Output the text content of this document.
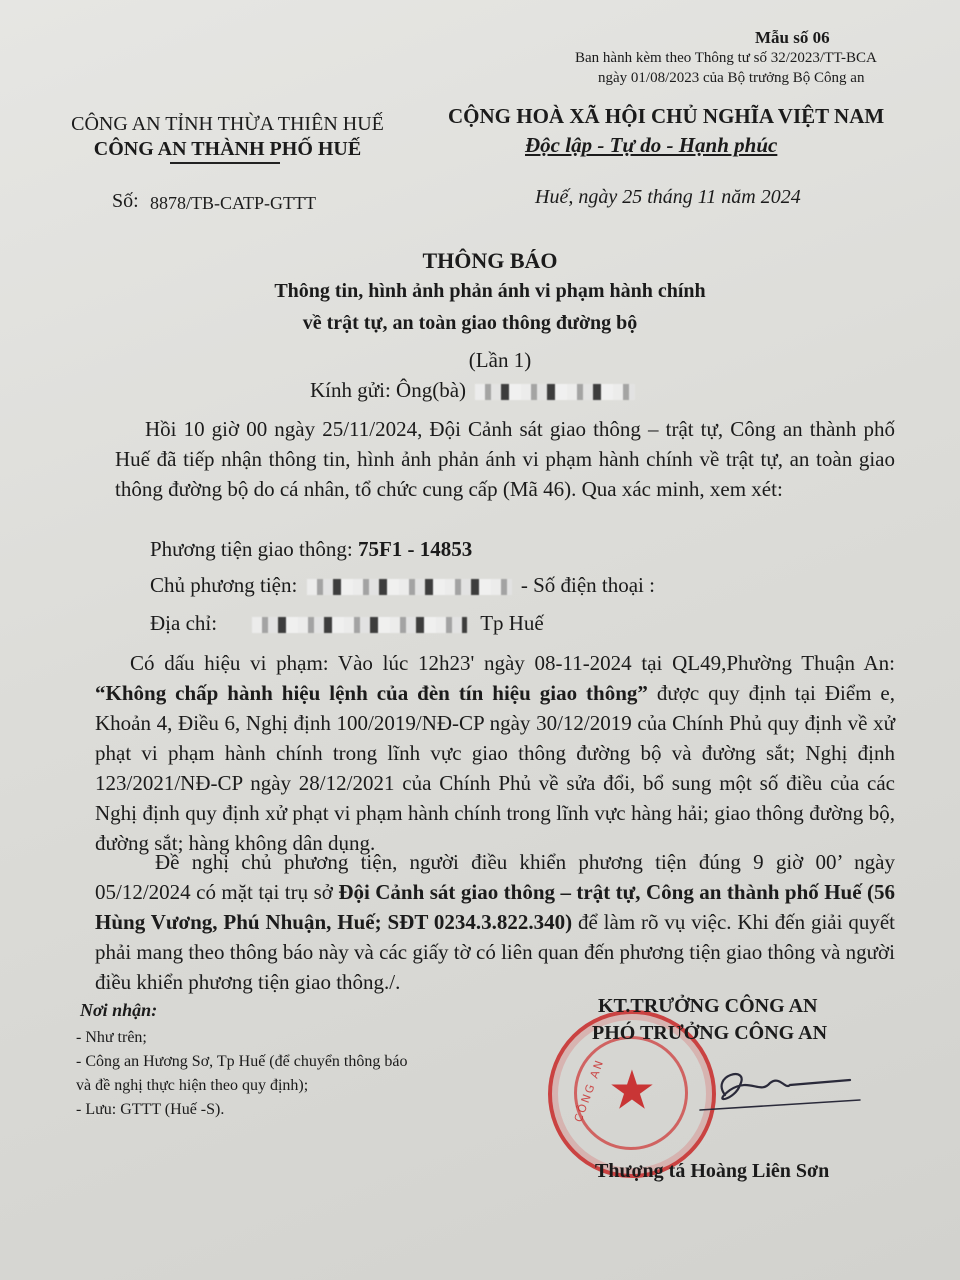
Mẫu số 06
Ban hành kèm theo Thông tư số 32/2023/TT-BCA
ngày 01/08/2023 của Bộ trưởng Bộ Công an
CÔNG AN TỈNH THỪA THIÊN HUẾ
CÔNG AN THÀNH PHỐ HUẾ
Số: 8878/TB-CATP-GTTT
CỘNG HOÀ XÃ HỘI CHỦ NGHĨA VIỆT NAM
Độc lập - Tự do - Hạnh phúc
Huế, ngày 25 tháng 11 năm 2024
THÔNG BÁO
Thông tin, hình ảnh phản ánh vi phạm hành chính
về trật tự, an toàn giao thông đường bộ
(Lần 1)
Kính gửi: Ông(bà)
Hồi 10 giờ 00 ngày 25/11/2024, Đội Cảnh sát giao thông – trật tự, Công an thành phố Huế đã tiếp nhận thông tin, hình ảnh phản ánh vi phạm hành chính về trật tự, an toàn giao thông đường bộ do cá nhân, tổ chức cung cấp (Mã 46). Qua xác minh, xem xét:
Phương tiện giao thông: 75F1 - 14853
Chủ phương tiện:	- Số điện thoại :
Địa chỉ:	Tp Huế
Có dấu hiệu vi phạm: Vào lúc 12h23' ngày 08-11-2024 tại QL49,Phường Thuận An: “Không chấp hành hiệu lệnh của đèn tín hiệu giao thông” được quy định tại Điểm e, Khoản 4, Điều 6, Nghị định 100/2019/NĐ-CP ngày 30/12/2019 của Chính Phủ quy định về xử phạt vi phạm hành chính trong lĩnh vực giao thông đường bộ và đường sắt; Nghị định 123/2021/NĐ-CP ngày 28/12/2021 của Chính Phủ về sửa đổi, bổ sung một số điều của các Nghị định quy định xử phạt vi phạm hành chính trong lĩnh vực hàng hải; giao thông đường bộ, đường sắt; hàng không dân dụng.
Đề nghị chủ phương tiện, người điều khiển phương tiện đúng 9 giờ 00’ ngày 05/12/2024 có mặt tại trụ sở Đội Cảnh sát giao thông – trật tự, Công an thành phố Huế (56 Hùng Vương, Phú Nhuận, Huế; SĐT 0234.3.822.340) để làm rõ vụ việc. Khi đến giải quyết phải mang theo thông báo này và các giấy tờ có liên quan đến phương tiện giao thông và người điều khiển phương tiện giao thông./.
Nơi nhận:
- Như trên;
- Công an Hương Sơ, Tp Huế (để chuyển thông báo
và đề nghị thực hiện theo quy định);
- Lưu: GTTT (Huế -S).	★
CÔNG AN
KT.TRƯỞNG CÔNG AN
PHÓ TRƯỞNG CÔNG AN
Thượng tá Hoàng Liên Sơn
